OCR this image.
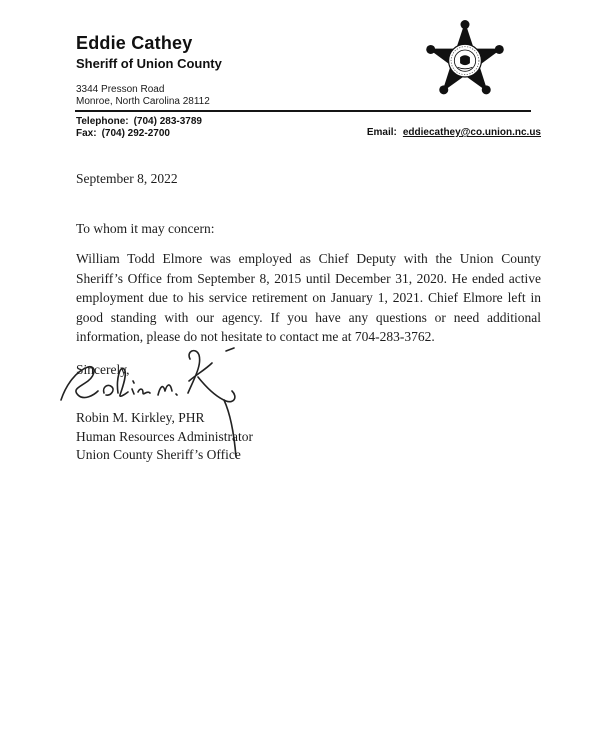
Eddie Cathey
Sheriff of Union County
3344 Presson Road
Monroe, North Carolina 28112
Telephone: (704) 283-3789
Fax: (704) 292-2700	Email: eddiecathey@co.union.nc.us
September 8, 2022
To whom it may concern:
William Todd Elmore was employed as Chief Deputy with the Union County Sheriff’s Office from September 8, 2015 until December 31, 2020. He ended active employment due to his service retirement on January 1, 2021. Chief Elmore left in good standing with our agency. If you have any questions or need additional information, please do not hesitate to contact me at 704-283-3762.
Sincerely,
Robin M. Kirkley, PHR
Human Resources Administrator
Union County Sheriff’s Office
